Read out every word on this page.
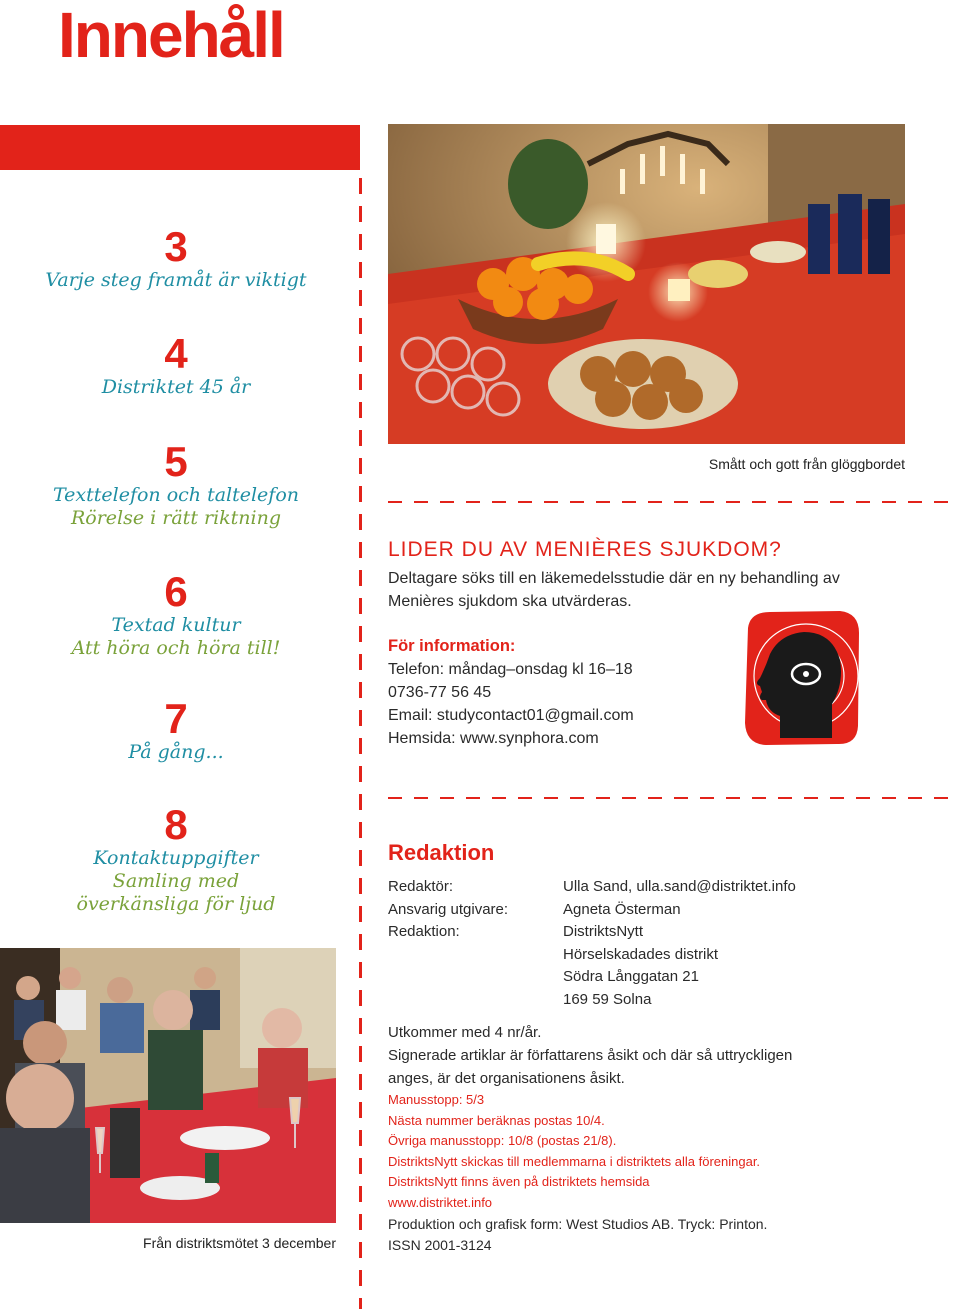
Innehåll
3
Varje steg framåt är viktigt
4
Distriktet 45 år
5
Texttelefon och taltelefon
Rörelse i rätt riktning
6
Textad kultur
Att höra och höra till!
7
På gång...
8
Kontaktuppgifter
Samling med
överkänsliga för ljud
Smått och gott från glöggbordet
LIDER DU AV MENIÈRES SJUKDOM?
Deltagare söks till en läkemedelsstudie där en ny behandling av
Menières sjukdom ska utvärderas.
För information:
Telefon: måndag–onsdag kl 16–18
0736-77 56 45
Email: studycontact01@gmail.com
Hemsida: www.synphora.com
Redaktion
Redaktör:
Ansvarig utgivare:
Redaktion:
Ulla Sand, ulla.sand@distriktet.info
Agneta Österman
DistriktsNytt
Hörselskadades distrikt
Södra Långgatan 21
169 59 Solna
Utkommer med 4 nr/år.
Signerade artiklar är författarens åsikt och där så uttryckligen
anges, är det organisationens åsikt.
Manusstopp: 5/3
Nästa nummer beräknas postas 10/4.
Övriga manusstopp: 10/8 (postas 21/8).
DistriktsNytt skickas till medlemmarna i distriktets alla föreningar.
DistriktsNytt finns även på distriktets hemsida
www.distriktet.info
Produktion och grafisk form: West Studios AB. Tryck: Printon.
ISSN 2001-3124
Från distriktsmötet 3 december
